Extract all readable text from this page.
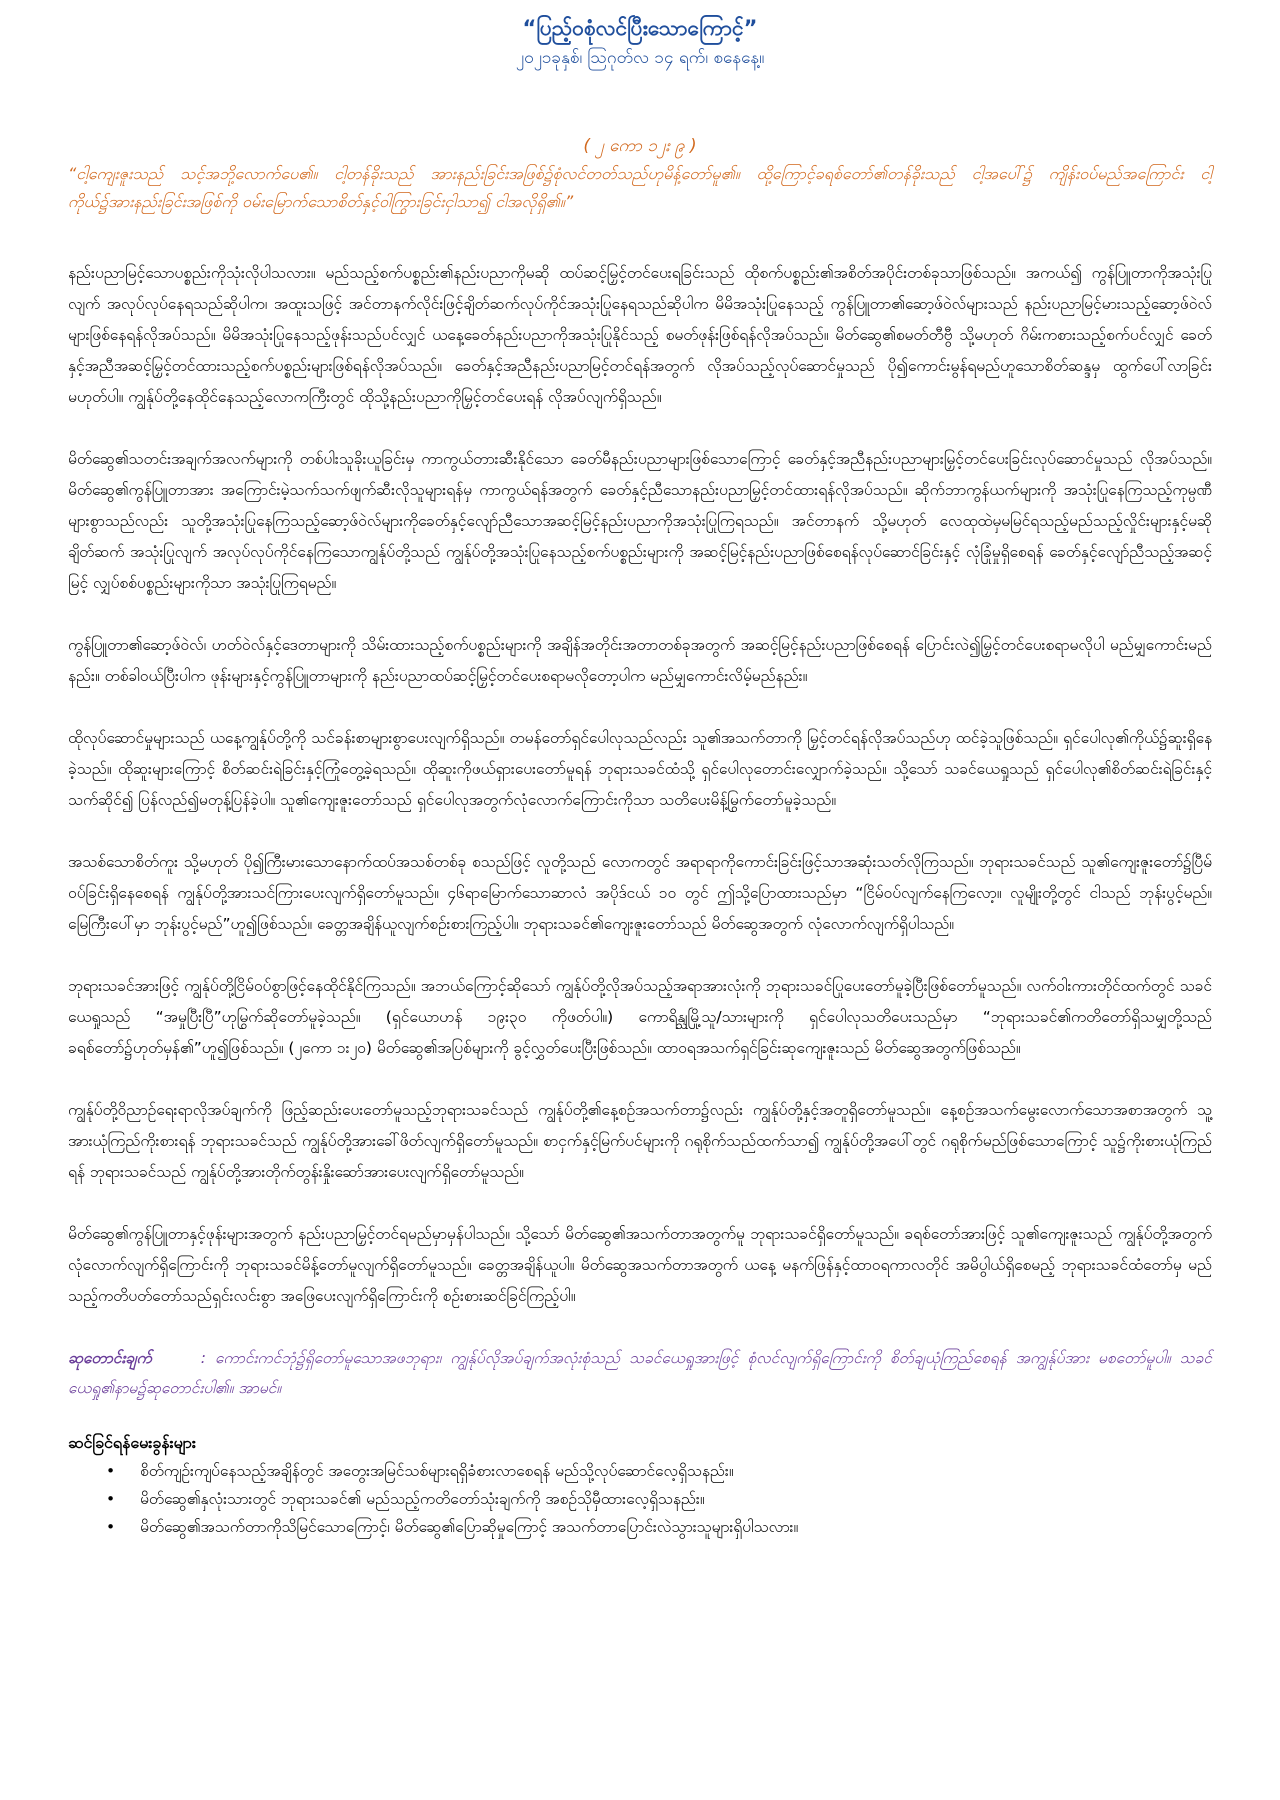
“ပြည့်ဝစုံလင်ပြီးသောကြောင့်”

၂၀၂၁ခုနှစ်၊ ဩဂုတ်လ ၁၄ ရက်၊ စနေနေ့။

( ၂ ကော ၁၂း ၉ )

“ငါ့ကျေးဇူးသည် သင့်အဘို့လောက်ပေ၏။ ငါ့တန်ခိုးသည် အားနည်းခြင်းအဖြစ်၌စုံလင်တတ်သည်ဟုမိန့်တော်မူ၏။ ထို့ကြောင့်ခရစ်တော်၏တန်ခိုးသည် ငါ့အပေါ်၌ ကျိန်းဝပ်မည်အကြောင်း ငါ့ကိုယ်၌အားနည်းခြင်းအဖြစ်ကို ဝမ်းမြောက်သောစိတ်နှင့်ဝါကြွားခြင်းငှါသာ၍ ငါအလိုရှိ၏။”

နည်းပညာမြင့်သောပစ္စည်းကိုသုံးလိုပါသလား။ မည်သည့်စက်ပစ္စည်း၏နည်းပညာကိုမဆို ထပ်ဆင့်မြှင့်တင်ပေးရခြင်းသည် ထိုစက်ပစ္စည်း၏အစိတ်အပိုင်းတစ်ခုသာဖြစ်သည်။ အကယ်၍ ကွန်ပြူတာကိုအသုံးပြုလျက် အလုပ်လုပ်နေရသည်ဆိုပါက၊ အထူးသဖြင့် အင်တာနက်လိုင်းဖြင့်ချိတ်ဆက်လုပ်ကိုင်အသုံးပြုနေရသည်ဆိုပါက မိမိအသုံးပြုနေသည့် ကွန်ပြူတာ၏ဆော့ဖ်ဝဲလ်များသည် နည်းပညာမြင့်မားသည့်ဆော့ဖ်ဝဲလ်များဖြစ်နေရန်လိုအပ်သည်။ မိမိအသုံးပြုနေသည့်ဖုန်းသည်ပင်လျှင် ယနေ့ခေတ်နည်းပညာကိုအသုံးပြုနိုင်သည့် စမတ်ဖုန်းဖြစ်ရန်လိုအပ်သည်။ မိတ်ဆွေ၏စမတ်တီဗွီ သို့မဟုတ် ဂိမ်းကစားသည့်စက်ပင်လျှင် ခေတ်နှင့်အညီအဆင့်မြှင့်တင်ထားသည့်စက်ပစ္စည်းများဖြစ်ရန်လိုအပ်သည်။ ခေတ်နှင့်အညီနည်းပညာမြင့်တင်ရန်အတွက် လိုအပ်သည့်လုပ်ဆောင်မှုသည် ပို၍ကောင်းမွန်ရမည်ဟူသောစိတ်ဆန္ဒမှ ထွက်ပေါ်လာခြင်းမဟုတ်ပါ။ ကျွန်ုပ်တို့နေထိုင်နေသည့်လောကကြီးတွင် ထိုသို့နည်းပညာကိုမြှင့်တင်ပေးရန် လိုအပ်လျက်ရှိသည်။

မိတ်ဆွေ၏သတင်းအချက်အလက်များကို တစ်ပါးသူခိုးယူခြင်းမှ ကာကွယ်တားဆီးနိုင်သော ခေတ်မီနည်းပညာများဖြစ်သောကြောင့် ခေတ်နှင့်အညီနည်းပညာများမြှင့်တင်ပေးခြင်းလုပ်ဆောင်မှုသည် လိုအပ်သည်။ မိတ်ဆွေ၏ကွန်ပြူတာအား အကြောင်းမဲ့သက်သက်ဖျက်ဆီးလိုသူများရန်မှ ကာကွယ်ရန်အတွက် ခေတ်နှင့်ညီသောနည်းပညာမြှင့်တင်ထားရန်လိုအပ်သည်။ ဆိုက်ဘာကွန်ယက်များကို အသုံးပြုနေကြသည့်ကုမ္ပဏီများစွာသည်လည်း သူတို့အသုံးပြုနေကြသည့်ဆော့ဖ်ဝဲလ်များကိုခေတ်နှင့်လျော်ညီသောအဆင့်မြင့်နည်းပညာကိုအသုံးပြုကြရသည်။ အင်တာနက် သို့မဟုတ် လေထုထဲမှမမြင်ရသည့်မည်သည့်လှိုင်းများနှင့်မဆို ချိတ်ဆက် အသုံးပြုလျက် အလုပ်လုပ်ကိုင်နေကြသောကျွန်ုပ်တို့သည် ကျွန်ုပ်တို့အသုံးပြုနေသည့်စက်ပစ္စည်းများကို အဆင့်မြင့်နည်းပညာဖြစ်စေရန်လုပ်ဆောင်ခြင်းနှင့် လုံခြုံမှုရှိစေရန် ခေတ်နှင့်လျော်ညီသည့်အဆင့်မြင့် လျှပ်စစ်ပစ္စည်းများကိုသာ အသုံးပြုကြရမည်။

ကွန်ပြူတာ၏ဆော့ဖ်ဝဲလ်၊ ဟတ်ဝဲလ်နှင့်ဒေတာများကို သိမ်းထားသည့်စက်ပစ္စည်းများကို အချိန်အတိုင်းအတာတစ်ခုအတွက် အဆင့်မြင့်နည်းပညာဖြစ်စေရန် ပြောင်းလဲ၍မြှင့်တင်ပေးစရာမလိုပါ မည်မျှကောင်းမည်နည်း။ တစ်ခါဝယ်ပြီးပါက ဖုန်းများနှင့်ကွန်ပြူတာများကို နည်းပညာထပ်ဆင့်မြှင့်တင်ပေးစရာမလိုတော့ပါက မည်မျှကောင်းလိမ့်မည်နည်း။

ထိုလုပ်ဆောင်မှုများသည် ယနေ့ကျွန်ုပ်တို့ကို သင်ခန်းစာများစွာပေးလျက်ရှိသည်။ တမန်တော်ရှင်ပေါလုသည်လည်း သူ၏အသက်တာကို မြှင့်တင်ရန်လိုအပ်သည်ဟု ထင်ခဲ့သူဖြစ်သည်။ ရှင်ပေါလု၏ကိုယ်၌ဆူးရှိနေခဲ့သည်။ ထိုဆူးများကြောင့် စိတ်ဆင်းရဲခြင်းနှင့်ကြုံတွေ့ခဲ့ရသည်။ ထိုဆူးကိုဖယ်ရှားပေးတော်မူရန် ဘုရားသခင်ထံသို့ ရှင်ပေါလုတောင်းလျှောက်ခဲ့သည်။ သို့သော် သခင်ယေရှုသည် ရှင်ပေါလု၏စိတ်ဆင်းရဲခြင်းနှင့်သက်ဆိုင်၍ ပြန်လည်၍မတုန့်ပြန်ခဲ့ပါ။ သူ၏ကျေးဇူးတော်သည် ရှင်ပေါလုအတွက်လုံလောက်ကြောင်းကိုသာ သတိပေးမိန့်မြွက်တော်မူခဲ့သည်။

အသစ်သောစိတ်ကူး သို့မဟုတ် ပို၍ကြီးမားသောနောက်ထပ်အသစ်တစ်ခု စသည်ဖြင့် လူတို့သည် လောကတွင် အရာရာကိုကောင်းခြင်းဖြင့်သာအဆုံးသတ်လိုကြသည်။ ဘုရားသခင်သည် သူ၏ကျေးဇူးတော်၌ပြီမ်ဝပ်ခြင်းရှိနေစေရန် ကျွန်ုပ်တို့အားသင်ကြားပေးလျက်ရှိတော်မူသည်။ ၄၆ရာမြောက်သောဆာလံ အပိုဒ်ငယ် ၁၀ တွင် ဤသို့ပြောထားသည်မှာ “ငြိမ်ဝပ်လျက်နေကြလော့။ လူမျိုးတို့တွင် ငါသည် ဘုန်းပွင့်မည်။ မြေကြီးပေါ်မှာ ဘုန်းပွင့်မည်”ဟူ၍ဖြစ်သည်။ ခေတ္တအချိန်ယူလျက်စဉ်းစားကြည့်ပါ။ ဘုရားသခင်၏ကျေးဇူးတော်သည် မိတ်ဆွေအတွက် လုံလောက်လျက်ရှိပါသည်။

ဘုရားသခင်အားဖြင့် ကျွန်ုပ်တို့ငြိမ်ဝပ်စွာဖြင့်နေထိုင်နိုင်ကြသည်။ အဘယ်ကြောင့်ဆိုသော် ကျွန်ုပ်တို့လိုအပ်သည့်အရာအားလုံးကို ဘုရားသခင်ပြုပေးတော်မူခဲ့ပြီးဖြစ်တော်မူသည်။ လက်ဝါးကားတိုင်ထက်တွင် သခင်ယေရှုသည် “အမှုပြီးပြီ”ဟုမြွက်ဆိုတော်မူခဲ့သည်။ (ရှင်ယောဟန် ၁၉း၃၀ ကိုဖတ်ပါ။) ကောရိန္သုမြို့သူ/သားများကို ရှင်ပေါလုသတိပေးသည်မှာ “ဘုရားသခင်၏ကတိတော်ရှိသမျှတို့သည် ခရစ်တော်၌ဟုတ်မှန်၏”ဟူ၍ဖြစ်သည်။ (၂ကော ၁း၂၀) မိတ်ဆွေ၏အပြစ်များကို ခွင့်လွှတ်ပေးပြီးဖြစ်သည်။ ထာဝရအသက်ရှင်ခြင်းဆုကျေးဇူးသည် မိတ်ဆွေအတွက်ဖြစ်သည်။

ကျွန်ုပ်တို့ဝိညာဉ်ရေးရာလိုအပ်ချက်ကို ဖြည့်ဆည်းပေးတော်မူသည့်ဘုရားသခင်သည် ကျွန်ုပ်တို့၏နေ့စဉ်အသက်တာ၌လည်း ကျွန်ုပ်တို့နှင့်အတူရှိတော်မူသည်။ နေ့စဉ်အသက်မွေးလောက်သောအစာအတွက် သူ့အားယုံကြည်ကိုးစားရန် ဘုရားသခင်သည် ကျွန်ုပ်တို့အားခေါ်ဖိတ်လျက်ရှိတော်မူသည်။ စာငှက်နှင့်မြက်ပင်များကို ဂရုစိုက်သည်ထက်သာ၍ ကျွန်ုပ်တို့အပေါ်တွင် ဂရုစိုက်မည်ဖြစ်သောကြောင့် သူ၌ကိုးစားယုံကြည်ရန် ဘုရားသခင်သည် ကျွန်ုပ်တို့အားတိုက်တွန်းနှိုးဆော်အားပေးလျက်ရှိတော်မူသည်။

မိတ်ဆွေ၏ကွန်ပြူတာနှင့်ဖုန်းများအတွက် နည်းပညာမြှင့်တင်ရမည်မှာမှန်ပါသည်။ သို့သော် မိတ်ဆွေ၏အသက်တာအတွက်မူ ဘုရားသခင်ရှိတော်မူသည်။ ခရစ်တော်အားဖြင့် သူ၏ကျေးဇူးသည် ကျွန်ုပ်တို့အတွက်လုံလောက်လျက်ရှိကြောင်းကို ဘုရားသခင်မိန့်တော်မူလျက်ရှိတော်မူသည်။ ခေတ္တအချိန်ယူပါ။ မိတ်ဆွေအသက်တာအတွက် ယနေ့ မနက်ဖြန်နှင့်ထာဝရကာလတိုင် အမိပွါယ်ရှိစေမည့် ဘုရားသခင်ထံတော်မှ မည်သည့်ကတိပတ်တော်သည်ရှင်းလင်းစွာ အဖြေပေးလျက်ရှိကြောင်းကို စဉ်းစားဆင်ခြင်ကြည့်ပါ။

ဆုတောင်းချက်	: ကောင်းကင်ဘုံ၌ရှိတော်မူသောအဖဘုရား၊ ကျွန်ုပ်လိုအပ်ချက်အလုံးစုံသည် သခင်ယေရှုအားဖြင့် စုံလင်လျက်ရှိကြောင်းကို စိတ်ချယုံကြည်စေရန် အကျွန်ုပ်အား မစတော်မူပါ။ သခင်ယေရှု၏နာမ၌ဆုတောင်းပါ၏။ အာမင်။

ဆင်ခြင်ရန်မေးခွန်းများ
• စိတ်ကျဉ်းကျပ်နေသည့်အချိန်တွင် အတွေးအမြင်သစ်များရရှိခံစားလာစေရန် မည်သို့လုပ်ဆောင်လေ့ရှိသနည်း။
• မိတ်ဆွေ၏နှလုံးသားတွင် ဘုရားသခင်၏ မည်သည့်ကတိတော်သုံးချက်ကို အစဉ်သိုမှီထားလေ့ရှိသနည်း။
• မိတ်ဆွေ၏အသက်တာကိုသိမြင်သောကြောင့်၊ မိတ်ဆွေ၏ပြောဆိုမှုကြောင့် အသက်တာပြောင်းလဲသွားသူများရှိပါသလား။
